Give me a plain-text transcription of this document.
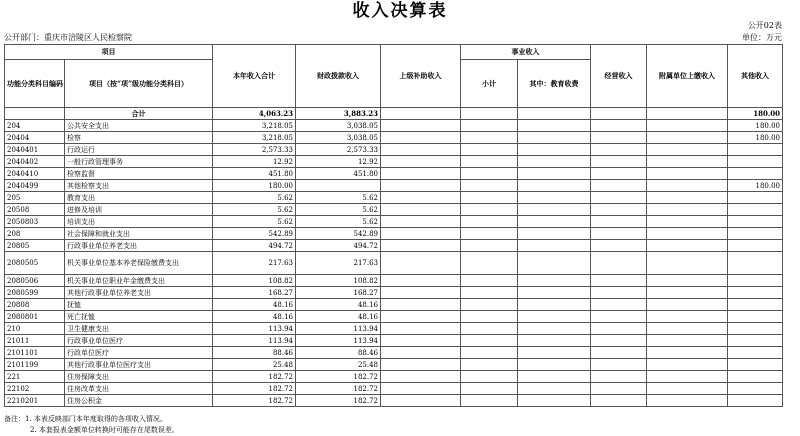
收入决算表
公开02表
公开部门：重庆市涪陵区人民检察院	单位：万元
项目		本年收入合计	财政拨款收入	上级补助收入	事业收入		经营收入	附属单位上缴收入	其他收入
功能分类科目编码	项目（按“项”级功能分类科目）				小计	其中：教育收费			
	合计	4,063.23	3,883.23						180.00
204	公共安全支出	3,218.05	3,038.05						180.00
20404	检察	3,218.05	3,038.05						180.00
2040401	行政运行	2,573.33	2,573.33						
2040402	一般行政管理事务	12.92	12.92						
2040410	检察监督	451.80	451.80						
2040499	其他检察支出	180.00							180.00
205	教育支出	5.62	5.62						
20508	进修及培训	5.62	5.62						
2050803	培训支出	5.62	5.62						
208	社会保障和就业支出	542.89	542.89						
20805	行政事业单位养老支出	494.72	494.72						
2080505	机关事业单位基本养老保险缴费支出	217.63	217.63						
2080506	机关事业单位职业年金缴费支出	108.82	108.82						
2080599	其他行政事业单位养老支出	168.27	168.27						
20808	抚恤	48.16	48.16						
2080801	死亡抚恤	48.16	48.16						
210	卫生健康支出	113.94	113.94						
21011	行政事业单位医疗	113.94	113.94						
2101101	行政单位医疗	88.46	88.46						
2101199	其他行政事业单位医疗支出	25.48	25.48						
221	住房保障支出	182.72	182.72						
22102	住房改革支出	182.72	182.72						
2210201	住房公积金	182.72	182.72						
备注：1. 本表反映部门本年度取得的各项收入情况。
2. 本套报表金额单位转换时可能存在尾数误差。
